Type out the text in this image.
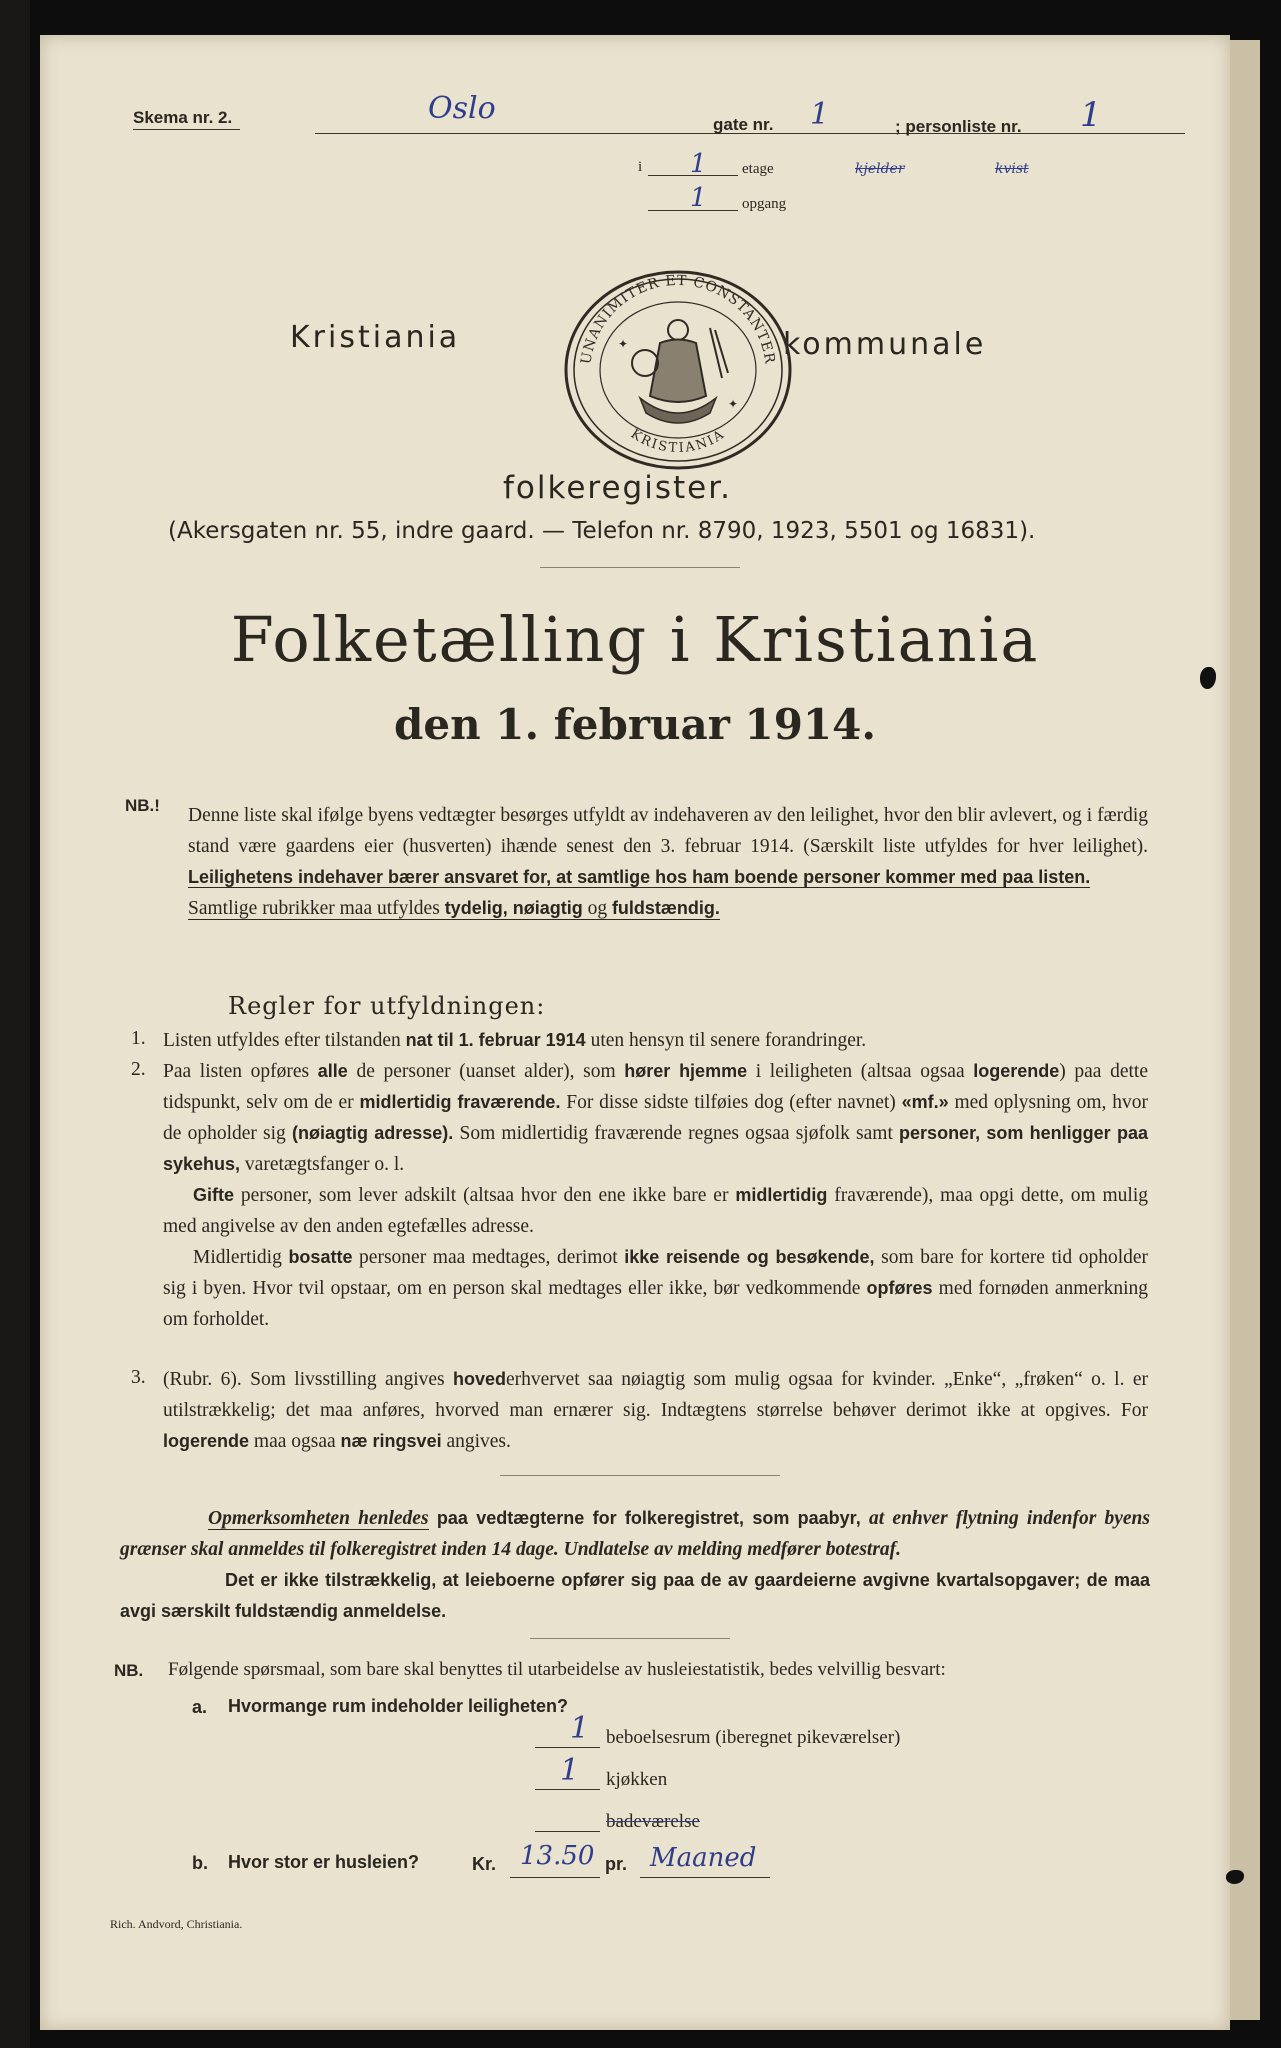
Skema nr. 2.	Oslo	gate nr. 1	; personliste nr. 1
i 1 etage	kjelder	kvist
1 opgang
Kristiania	kommunale
UNANIMITER ET CONSTANTER
KRISTIANIA
✦
✦
folkeregister.
(Akersgaten nr. 55, indre gaard. — Telefon nr. 8790, 1923, 5501 og 16831).
Folketælling i Kristiania
den 1. februar 1914.
NB.! Denne liste skal ifølge byens vedtægter besørges utfyldt av indehaveren av den leilighet, hvor den blir avlevert, og i færdig stand være gaardens eier (husverten) ihænde senest den 3. februar 1914. (Særskilt liste utfyldes for hver leilighet). Leilighetens indehaver bærer ansvaret for, at samtlige hos ham boende personer kommer med paa listen.
Samtlige rubrikker maa utfyldes tydelig, nøiagtig og fuldstændig.
Regler for utfyldningen:
1. Listen utfyldes efter tilstanden nat til 1. februar 1914 uten hensyn til senere forandringer.
2. Paa listen opføres alle de personer (uanset alder), som hører hjemme i leiligheten (altsaa ogsaa logerende) paa dette tidspunkt, selv om de er midlertidig fraværende. For disse sidste tilføies dog (efter navnet) «mf.» med oplysning om, hvor de opholder sig (nøiagtig adresse). Som midlertidig fraværende regnes ogsaa sjøfolk samt personer, som henligger paa sykehus, varetægtsfanger o. l.
Gifte personer, som lever adskilt (altsaa hvor den ene ikke bare er midlertidig fraværende), maa opgi dette, om mulig med angivelse av den anden egtefælles adresse.
Midlertidig bosatte personer maa medtages, derimot ikke reisende og besøkende, som bare for kortere tid opholder sig i byen. Hvor tvil opstaar, om en person skal medtages eller ikke, bør vedkommende opføres med fornøden anmerkning om forholdet.
3. (Rubr. 6). Som livsstilling angives hovederhvervet saa nøiagtig som mulig ogsaa for kvinder. „Enke“, „frøken“ o. l. er utilstrækkelig; det maa anføres, hvorved man ernærer sig. Indtægtens størrelse behøver derimot ikke at opgives. For logerende maa ogsaa næ ringsvei angives.
Opmerksomheten henledes paa vedtægterne for folkeregistret, som paabyr, at enhver flytning indenfor byens grænser skal anmeldes til folkeregistret inden 14 dage. Undlatelse av melding medfører botestraf.
Det er ikke tilstrækkelig, at leieboerne opfører sig paa de av gaardeierne avgivne kvartalsopgaver; de maa avgi særskilt fuldstændig anmeldelse.
NB. Følgende spørsmaal, som bare skal benyttes til utarbeidelse av husleiestatistik, bedes velvillig besvart:
a. Hvormange rum indeholder leiligheten?
1 beboelsesrum (iberegnet pikeværelser)
1 kjøkken
badeværelse
b. Hvor stor er husleien?	Kr. 13.50 pr. Maaned
Rich. Andvord, Christiania.
